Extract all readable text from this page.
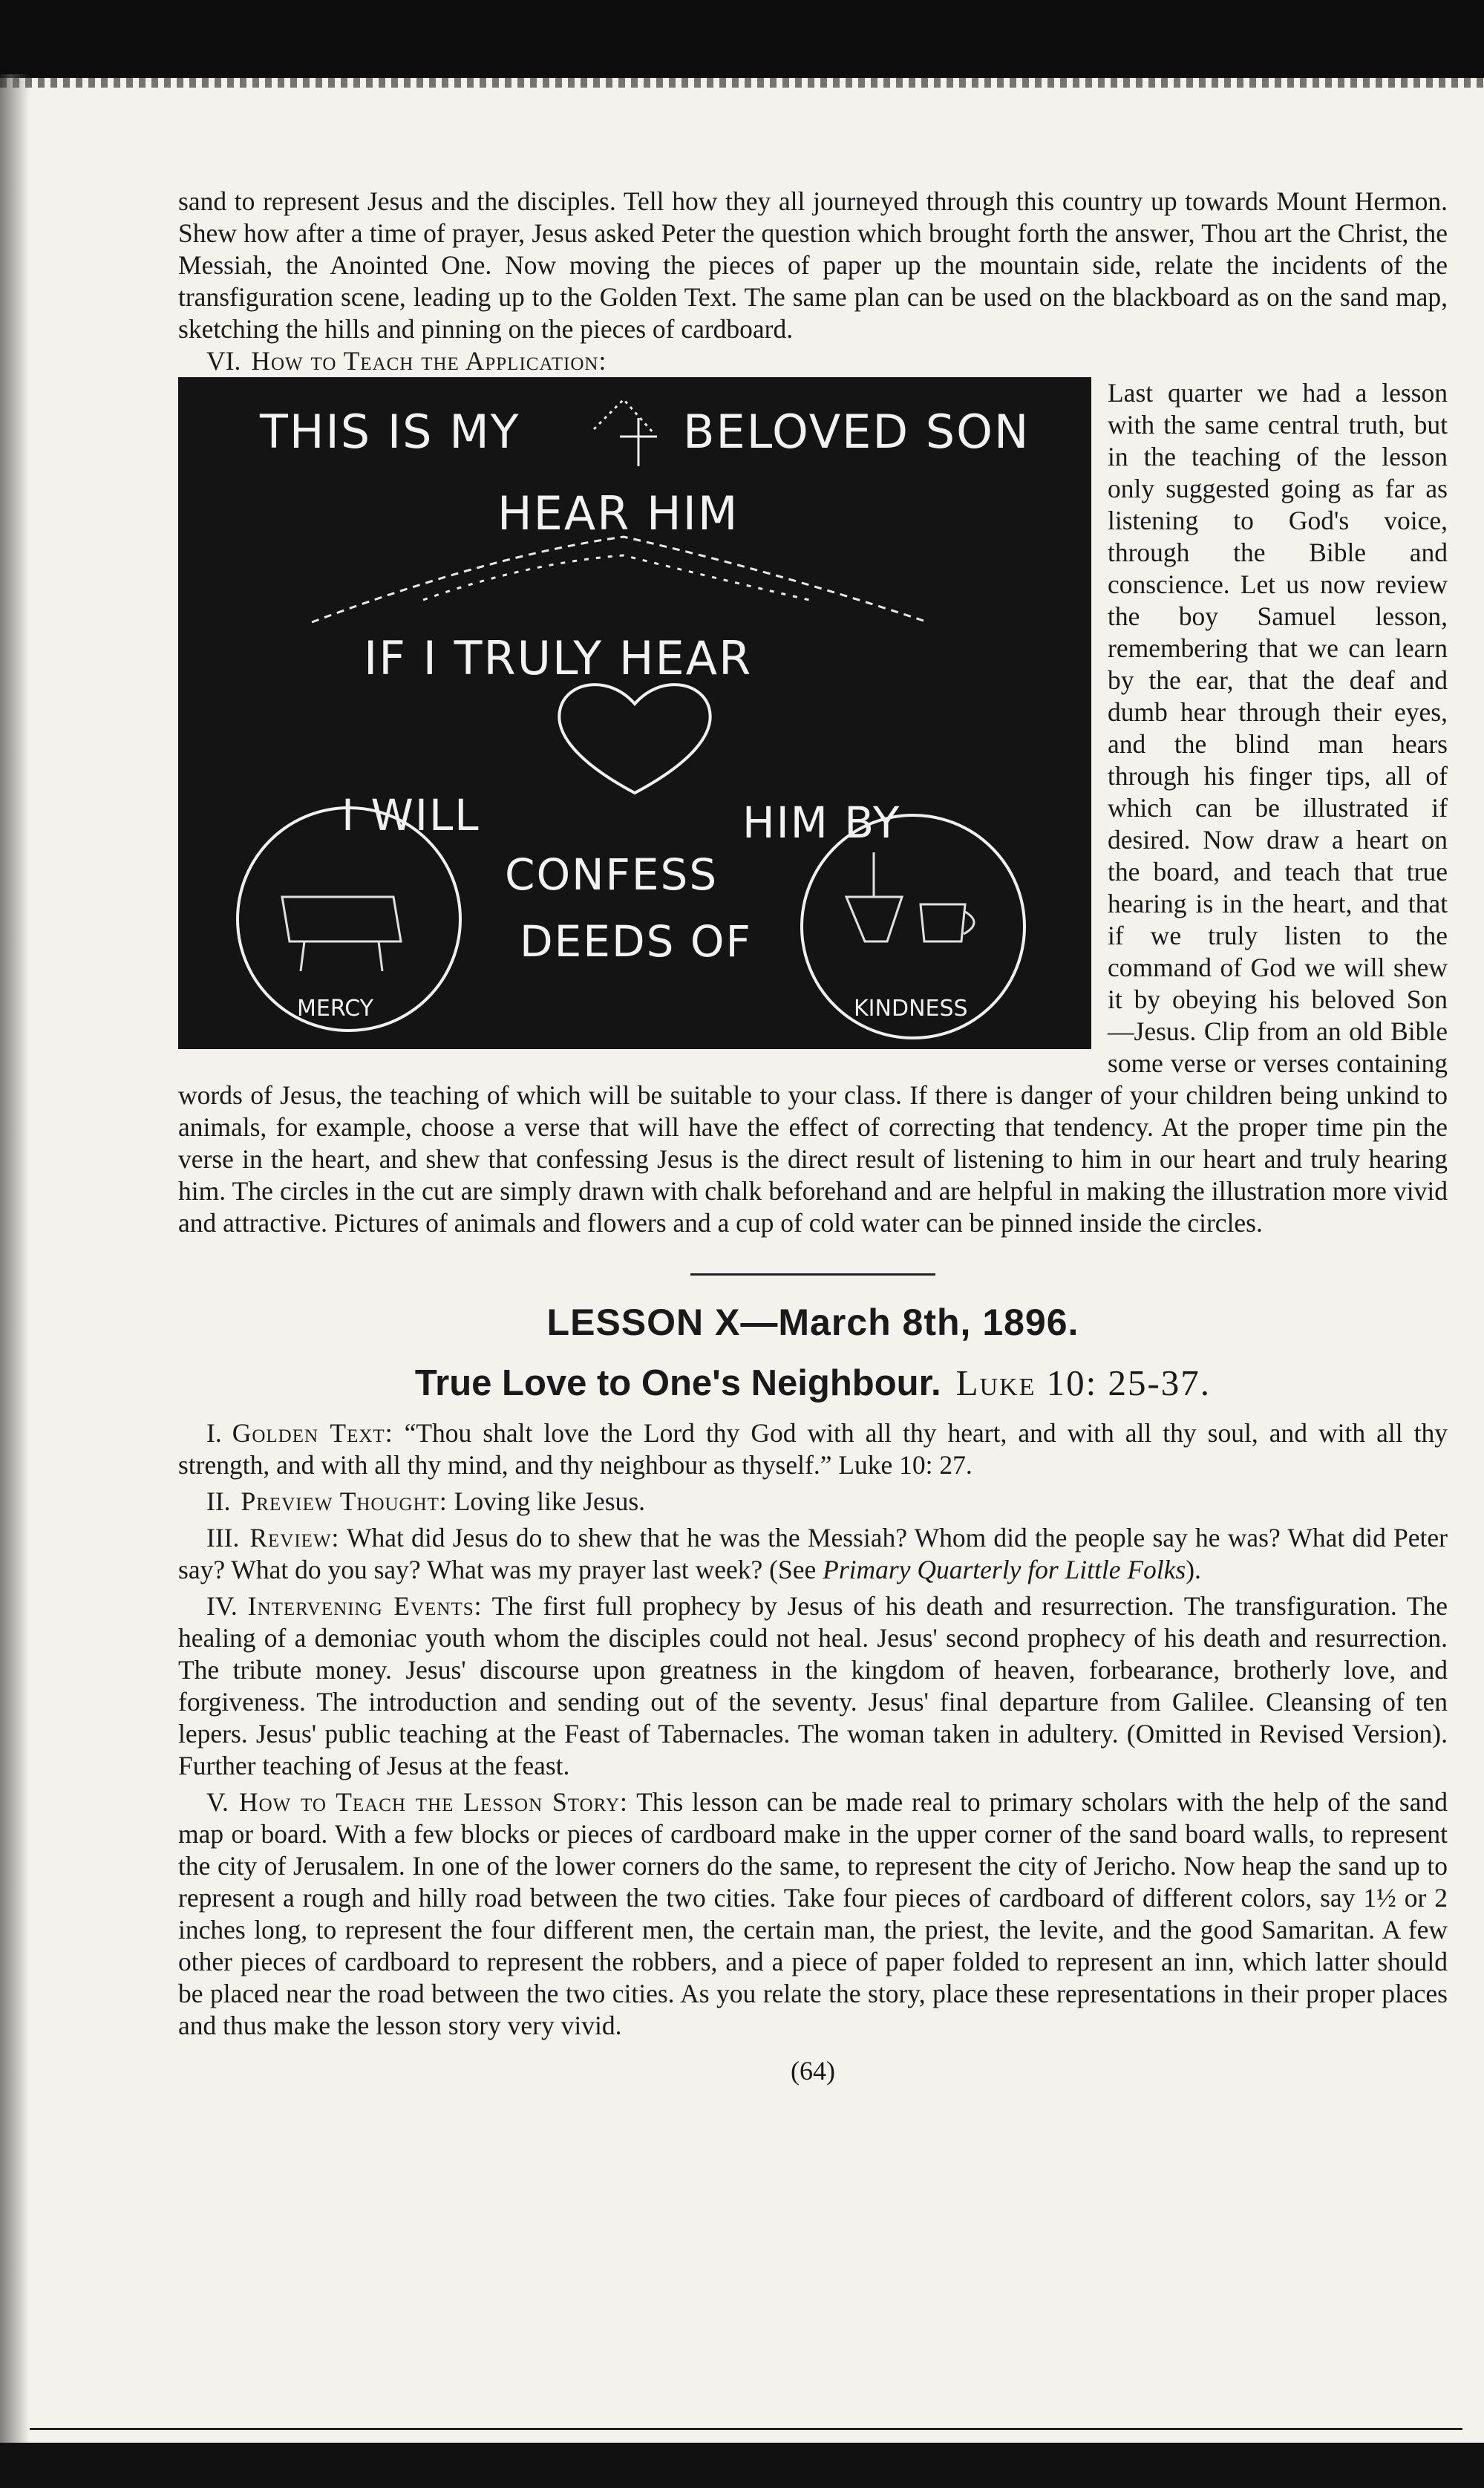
sand to represent Jesus and the disciples. Tell how they all journeyed through this country up towards Mount Hermon. Shew how after a time of prayer, Jesus asked Peter the question which brought forth the answer, Thou art the Christ, the Messiah, the Anointed One. Now moving the pieces of paper up the mountain side, relate the incidents of the transfiguration scene, leading up to the Golden Text. The same plan can be used on the blackboard as on the sand map, sketching the hills and pinning on the pieces of cardboard.

VI. How to Teach the Application:

THIS IS MY	BELOVED SON
HEAR HIM
IF I TRULY HEAR
I WILL
CONFESS
HIM BY
DEEDS OF
MERCY	KINDNESS

Last quarter we had a lesson with the same central truth, but in the teaching of the lesson only suggested going as far as listening to God's voice, through the Bible and conscience. Let us now review the boy Samuel lesson, remembering that we can learn by the ear, that the deaf and dumb hear through their eyes, and the blind man hears through his finger tips, all of which can be illustrated if desired. Now draw a heart on the board, and teach that true hearing is in the heart, and that if we truly listen to the command of God we will shew it by obeying his beloved Son—Jesus. Clip from an old Bible some verse or verses containing words of Jesus, the teaching of which will be suitable to your class. If there is danger of your children being unkind to animals, for example, choose a verse that will have the effect of correcting that tendency. At the proper time pin the verse in the heart, and shew that confessing Jesus is the direct result of listening to him in our heart and truly hearing him. The circles in the cut are simply drawn with chalk beforehand and are helpful in making the illustration more vivid and attractive. Pictures of animals and flowers and a cup of cold water can be pinned inside the circles.

LESSON X—March 8th, 1896.
True Love to One's Neighbour. Luke 10: 25-37.

I. Golden Text: “Thou shalt love the Lord thy God with all thy heart, and with all thy soul, and with all thy strength, and with all thy mind, and thy neighbour as thyself.” Luke 10: 27.

II. Preview Thought: Loving like Jesus.

III. Review: What did Jesus do to shew that he was the Messiah? Whom did the people say he was? What did Peter say? What do you say? What was my prayer last week? (See Primary Quarterly for Little Folks).

IV. Intervening Events: The first full prophecy by Jesus of his death and resurrection. The transfiguration. The healing of a demoniac youth whom the disciples could not heal. Jesus' second prophecy of his death and resurrection. The tribute money. Jesus' discourse upon greatness in the kingdom of heaven, forbearance, brotherly love, and forgiveness. The introduction and sending out of the seventy. Jesus' final departure from Galilee. Cleansing of ten lepers. Jesus' public teaching at the Feast of Tabernacles. The woman taken in adultery. (Omitted in Revised Version). Further teaching of Jesus at the feast.

V. How to Teach the Lesson Story: This lesson can be made real to primary scholars with the help of the sand map or board. With a few blocks or pieces of cardboard make in the upper corner of the sand board walls, to represent the city of Jerusalem. In one of the lower corners do the same, to represent the city of Jericho. Now heap the sand up to represent a rough and hilly road between the two cities. Take four pieces of cardboard of different colors, say 1½ or 2 inches long, to represent the four different men, the certain man, the priest, the levite, and the good Samaritan. A few other pieces of cardboard to represent the robbers, and a piece of paper folded to represent an inn, which latter should be placed near the road between the two cities. As you relate the story, place these representations in their proper places and thus make the lesson story very vivid.

(64)
